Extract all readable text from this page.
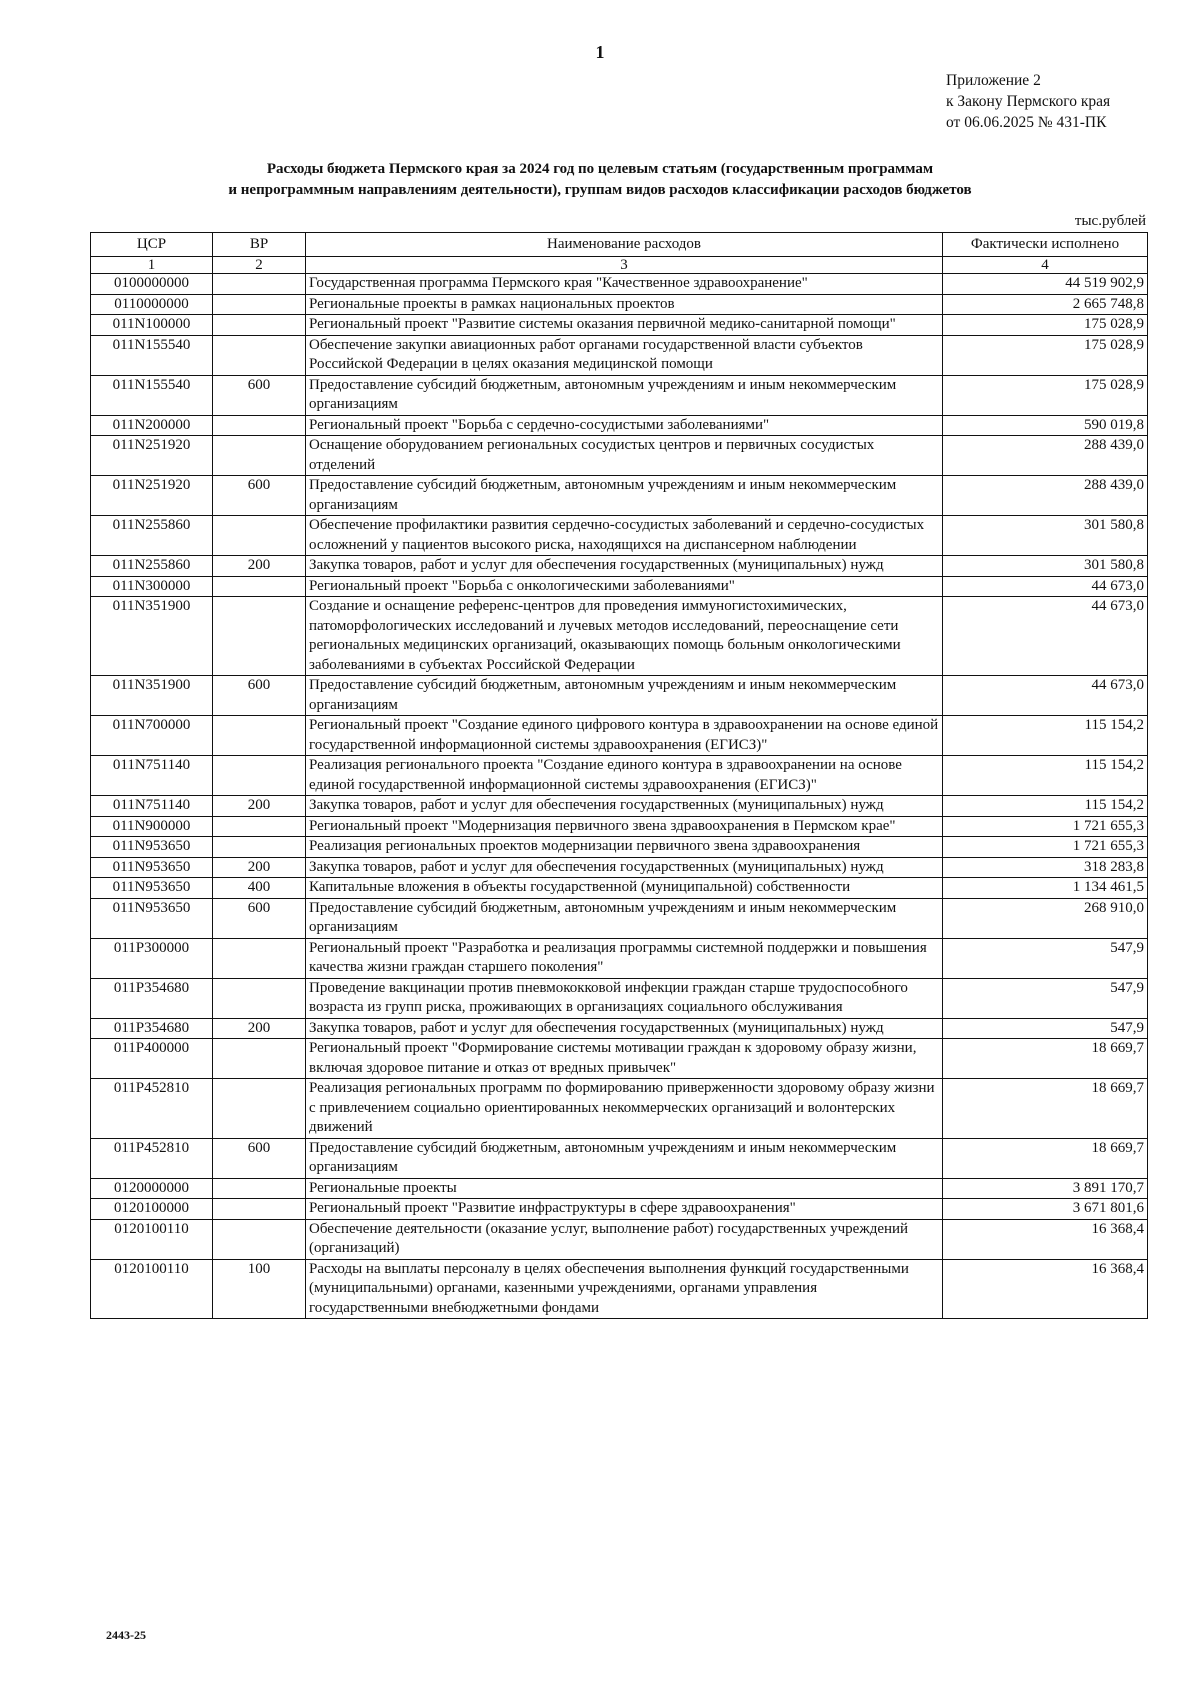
1
Приложение 2
к Закону Пермского края
от 06.06.2025 № 431-ПК
Расходы бюджета Пермского края за 2024 год по целевым статьям (государственным программам
и непрограммным направлениям деятельности), группам видов расходов классификации расходов бюджетов
тыс.рублей
ЦСР	ВР	Наименование расходов	Фактически исполнено
1	2	3	4
0100000000		Государственная программа Пермского края "Качественное здравоохранение"	44 519 902,9
0110000000		Региональные проекты в рамках национальных проектов	2 665 748,8
011N100000		Региональный проект "Развитие системы оказания первичной медико-санитарной помощи"	175 028,9
011N155540		Обеспечение закупки авиационных работ органами государственной власти субъектов Российской Федерации в целях оказания медицинской помощи	175 028,9
011N155540	600	Предоставление субсидий бюджетным, автономным учреждениям и иным некоммерческим организациям	175 028,9
011N200000		Региональный проект "Борьба с сердечно-сосудистыми заболеваниями"	590 019,8
011N251920		Оснащение оборудованием региональных сосудистых центров и первичных сосудистых отделений	288 439,0
011N251920	600	Предоставление субсидий бюджетным, автономным учреждениям и иным некоммерческим организациям	288 439,0
011N255860		Обеспечение профилактики развития сердечно-сосудистых заболеваний и сердечно-сосудистых осложнений у пациентов высокого риска, находящихся на диспансерном наблюдении	301 580,8
011N255860	200	Закупка товаров, работ и услуг для обеспечения государственных (муниципальных) нужд	301 580,8
011N300000		Региональный проект "Борьба с онкологическими заболеваниями"	44 673,0
011N351900		Создание и оснащение референс-центров для проведения иммуногистохимических, патоморфологических исследований и лучевых методов исследований, переоснащение сети региональных медицинских организаций, оказывающих помощь больным онкологическими заболеваниями в субъектах Российской Федерации	44 673,0
011N351900	600	Предоставление субсидий бюджетным, автономным учреждениям и иным некоммерческим организациям	44 673,0
011N700000		Региональный проект "Создание единого цифрового контура в здравоохранении на основе единой государственной информационной системы здравоохранения (ЕГИСЗ)"	115 154,2
011N751140		Реализация регионального проекта "Создание единого контура в здравоохранении на основе единой государственной информационной системы здравоохранения (ЕГИСЗ)"	115 154,2
011N751140	200	Закупка товаров, работ и услуг для обеспечения государственных (муниципальных) нужд	115 154,2
011N900000		Региональный проект "Модернизация первичного звена здравоохранения в Пермском крае"	1 721 655,3
011N953650		Реализация региональных проектов модернизации первичного звена здравоохранения	1 721 655,3
011N953650	200	Закупка товаров, работ и услуг для обеспечения государственных (муниципальных) нужд	318 283,8
011N953650	400	Капитальные вложения в объекты государственной (муниципальной) собственности	1 134 461,5
011N953650	600	Предоставление субсидий бюджетным, автономным учреждениям и иным некоммерческим организациям	268 910,0
011P300000		Региональный проект "Разработка и реализация программы системной поддержки и повышения качества жизни граждан старшего поколения"	547,9
011P354680		Проведение вакцинации против пневмококковой инфекции граждан старше трудоспособного возраста из групп риска, проживающих в организациях социального обслуживания	547,9
011P354680	200	Закупка товаров, работ и услуг для обеспечения государственных (муниципальных) нужд	547,9
011P400000		Региональный проект "Формирование системы мотивации граждан к здоровому образу жизни, включая здоровое питание и отказ от вредных привычек"	18 669,7
011P452810		Реализация региональных программ по формированию приверженности здоровому образу жизни с привлечением социально ориентированных некоммерческих организаций и волонтерских движений	18 669,7
011P452810	600	Предоставление субсидий бюджетным, автономным учреждениям и иным некоммерческим организациям	18 669,7
0120000000		Региональные проекты	3 891 170,7
0120100000		Региональный проект "Развитие инфраструктуры в сфере здравоохранения"	3 671 801,6
0120100110		Обеспечение деятельности (оказание услуг, выполнение работ) государственных учреждений (организаций)	16 368,4
0120100110	100	Расходы на выплаты персоналу в целях обеспечения выполнения функций государственными (муниципальными) органами, казенными учреждениями, органами управления государственными внебюджетными фондами	16 368,4
2443-25
